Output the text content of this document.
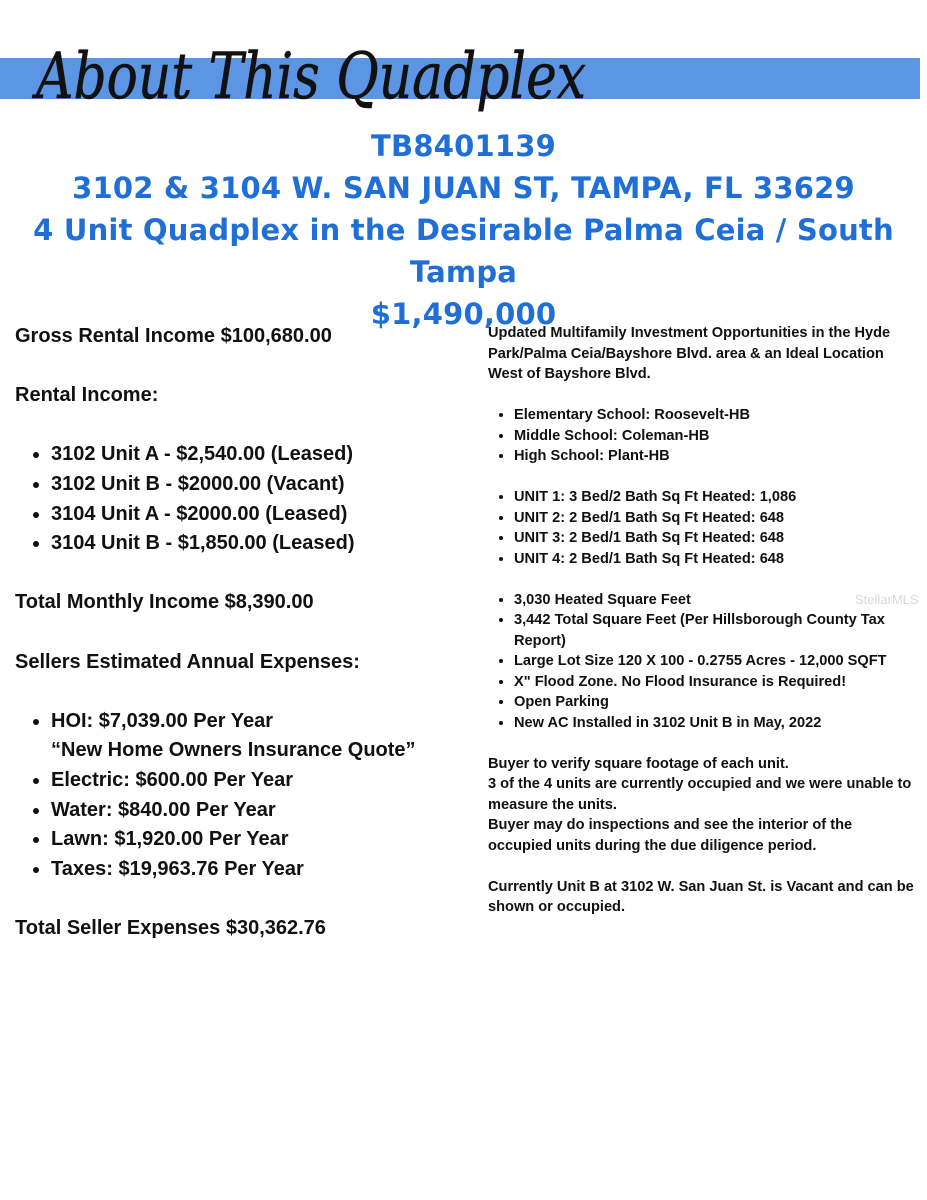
About This Quadplex
TB8401139
3102 & 3104 W. SAN JUAN ST, TAMPA, FL 33629
4 Unit Quadplex in the Desirable Palma Ceia / South Tampa
$1,490,000

Gross Rental Income $100,680.00

Rental Income:

• 3102 Unit A - $2,540.00 (Leased)
• 3102 Unit B - $2000.00 (Vacant)
• 3104 Unit A - $2000.00 (Leased)
• 3104 Unit B - $1,850.00 (Leased)

Total Monthly Income $8,390.00

Sellers Estimated Annual Expenses:

• HOI: $7,039.00 Per Year
“New Home Owners Insurance Quote”
• Electric: $600.00 Per Year
• Water: $840.00 Per Year
• Lawn: $1,920.00 Per Year
• Taxes: $19,963.76 Per Year

Total Seller Expenses $30,362.76

Updated Multifamily Investment Opportunities in the Hyde Park/Palma Ceia/Bayshore Blvd. area & an Ideal Location West of Bayshore Blvd.

• Elementary School: Roosevelt-HB
• Middle School: Coleman-HB
• High School: Plant-HB
• UNIT 1: 3 Bed/2 Bath Sq Ft Heated: 1,086
• UNIT 2: 2 Bed/1 Bath Sq Ft Heated: 648
• UNIT 3: 2 Bed/1 Bath Sq Ft Heated: 648
• UNIT 4: 2 Bed/1 Bath Sq Ft Heated: 648
• 3,030 Heated Square Feet
• 3,442 Total Square Feet (Per Hillsborough County Tax Report)
• Large Lot Size 120 X 100 - 0.2755 Acres - 12,000 SQFT
• X" Flood Zone. No Flood Insurance is Required!
• Open Parking
• New AC Installed in 3102 Unit B in May, 2022

Buyer to verify square footage of each unit.
3 of the 4 units are currently occupied and we were unable to measure the units.
Buyer may do inspections and see the interior of the occupied units during the due diligence period.

Currently Unit B at 3102 W. San Juan St. is Vacant and can be shown or occupied.

StellarMLS
